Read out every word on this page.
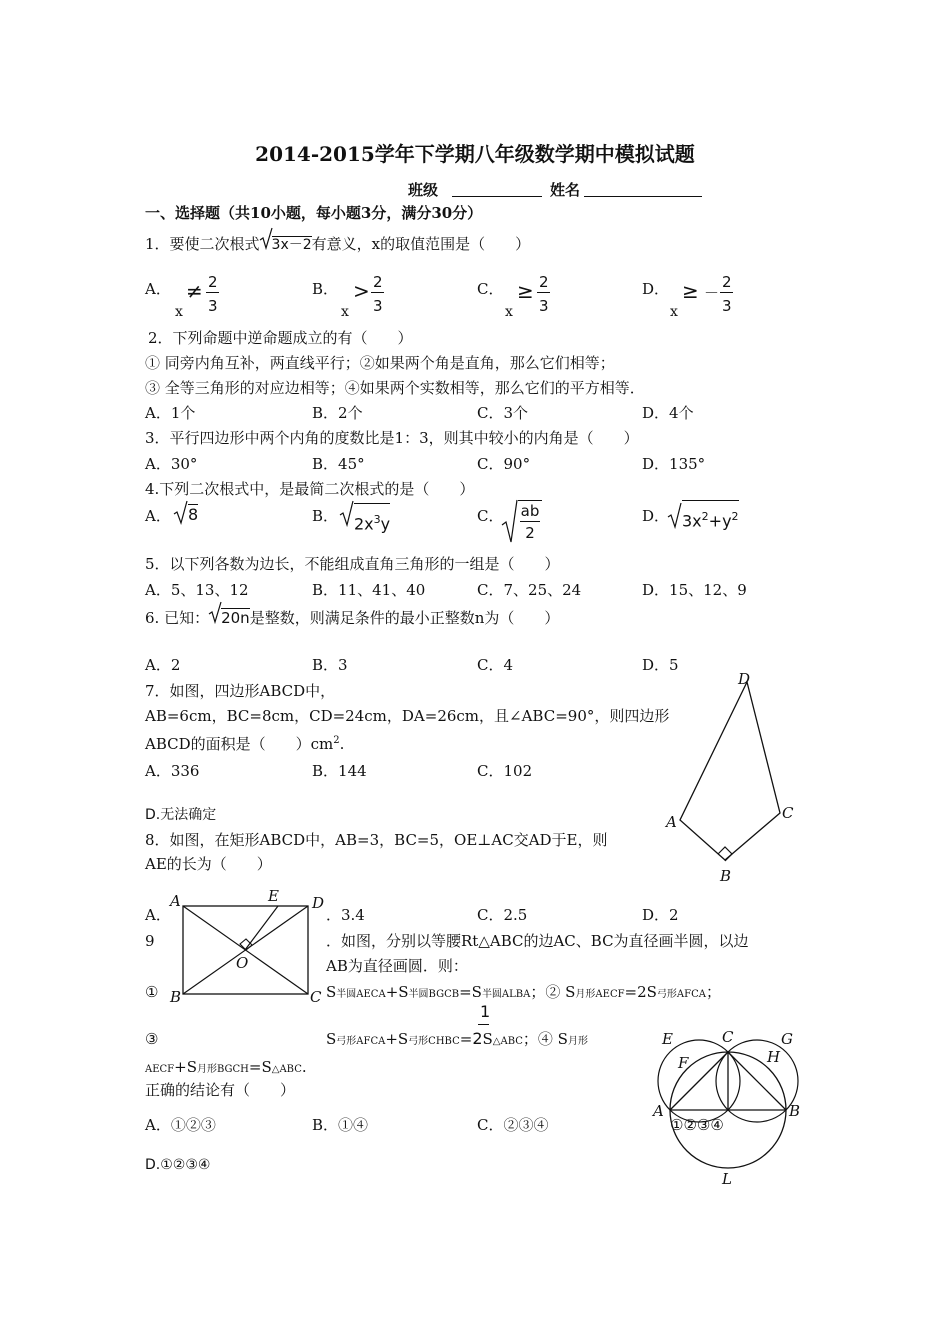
2014-2015学年下学期八年级数学期中模拟试题
班级	姓名
一、选择题（共10小题，每小题3分，满分30分）
1．要使二次根式 3x－2有意义，x的取值范围是（　　）
A．
x
≠ 2
3
B．
x
> 2
3
C．
x
≥ 2
3
D．
x
≥ －
2
3
2．下列命题中逆命题成立的有（　　）
① 同旁内角互补，两直线平行；②如果两个角是直角，那么它们相等；
③ 全等三角形的对应边相等；④如果两个实数相等，那么它们的平方相等．
A．1个	B．2个	C．3个	D．4个
3．平行四边形中两个内角的度数比是1：3，则其中较小的内角是（　　）
A．30°	B．45°	C．90°	D．135°
4.下列二次根式中，是最简二次根式的是（　　）
A． 8	B． $2x^3y$	C． ab
2
D． $3x^2+y^2$
5．以下列各数为边长，不能组成直角三角形的一组是（　　）
A．5、13、12	B．11、41、40	C．7、25、24	D．15、12、9
6. 已知： 20n是整数，则满足条件的最小正整数n为（　　）
A．2	B．3	C．4	D．5
7．如图，四边形ABCD中，
AB=6cm，BC=8cm，CD=24cm，DA=26cm，且∠ABC=90°，则四边形
ABCD的面积是（　　）$cm^2$.
A．336	B．144	C．102
D.无法确定
D
A	C
B
8．如图，在矩形ABCD中，AB=3，BC=5，OE⊥AC交AD于E，则
AE的长为（　　）
A．	．3.4	C．2.5	D．2
A	E D
O
B	C
9	．如图，分别以等腰Rt△ABC的边AC、BC为直径画半圆，以边
AB为直径画圆．则：
①	S半圆AECA+S半圆BGCB=S半圆ALBA；② S月形AECF=2S弓形AFCA；
③
1
S弓形AFCA+S弓形CHBC=2S△ABC；④ S月形
AECF+S月形BGCH=S△ABC.
正确的结论有（　　）
A．①②③	B．①④	C．②③④
D.①②③④
E	C	G
F	H
A	B
L
①②③④
